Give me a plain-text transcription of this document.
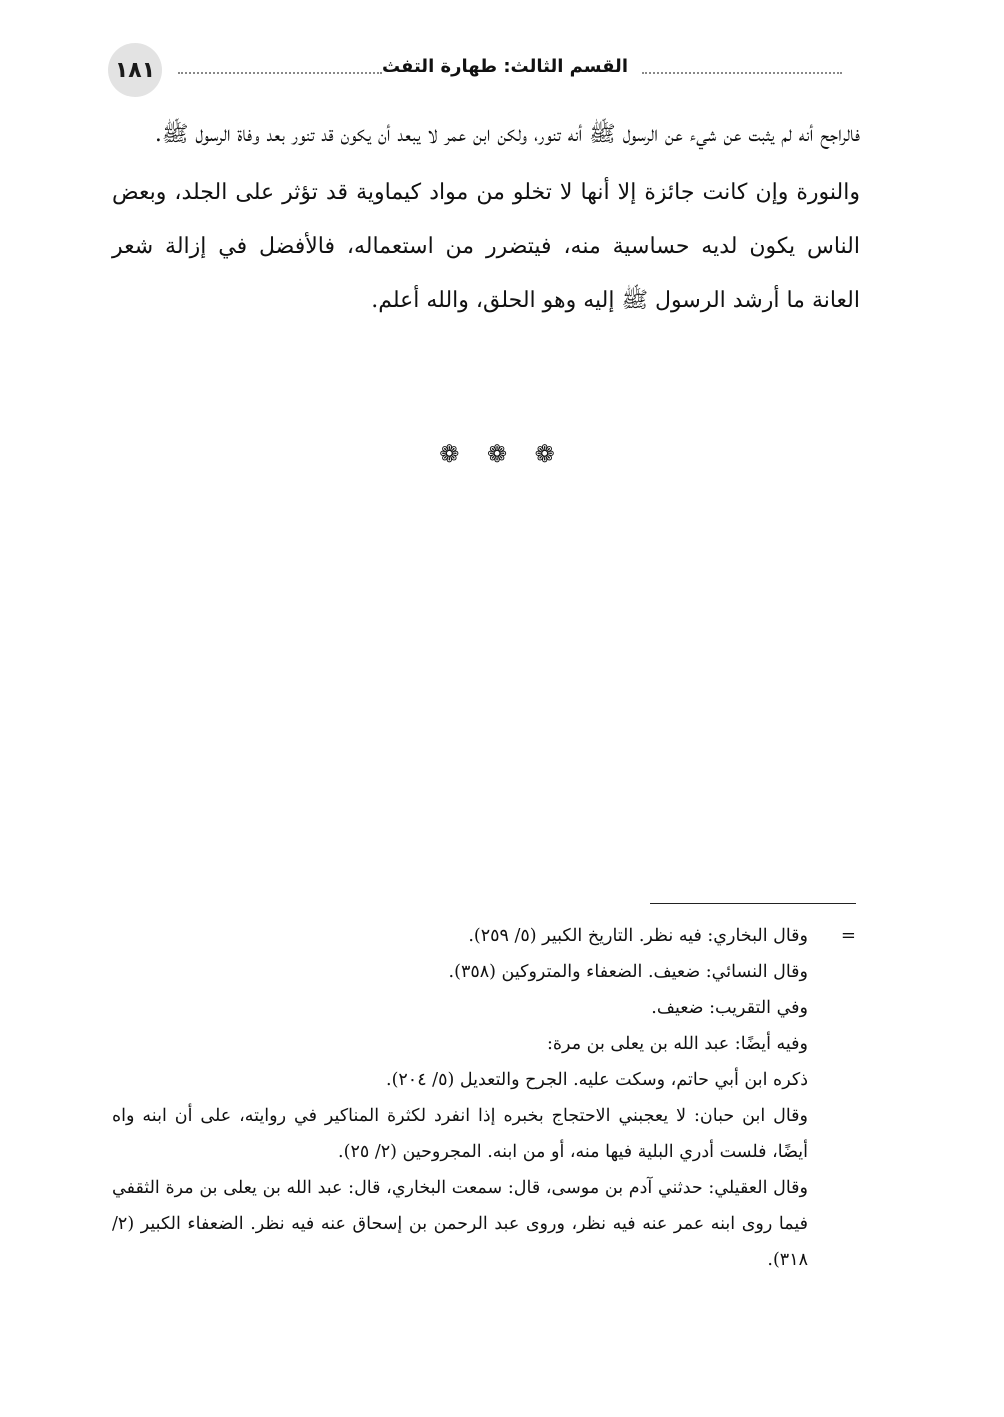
١٨١	القسم الثالث: طهارة التفث

فالراجح أنه لم يثبت عن شيء عن الرسول ﷺ أنه تنور، ولكن ابن عمر لا يبعد أن يكون قد تنور بعد وفاة الرسول ﷺ.

والنورة وإن كانت جائزة إلا أنها لا تخلو من مواد كيماوية قد تؤثر على الجلد، وبعض الناس يكون لديه حساسية منه، فيتضرر من استعماله، فالأفضل في إزالة شعر العانة ما أرشد الرسول ﷺ إليه وهو الحلق، والله أعلم.

❁ ❁ ❁
=

وقال البخاري: فيه نظر. التاريخ الكبير (٥/ ٢٥٩).

وقال النسائي: ضعيف. الضعفاء والمتروكين (٣٥٨).

وفي التقريب: ضعيف.

وفيه أيضًا: عبد الله بن يعلى بن مرة:

ذكره ابن أبي حاتم، وسكت عليه. الجرح والتعديل (٥/ ٢٠٤).

وقال ابن حبان: لا يعجبني الاحتجاج بخبره إذا انفرد لكثرة المناكير في روايته، على أن ابنه واه أيضًا، فلست أدري البلية فيها منه، أو من ابنه. المجروحين (٢/ ٢٥).

وقال العقيلي: حدثني آدم بن موسى، قال: سمعت البخاري، قال: عبد الله بن يعلى بن مرة الثقفي فيما روى ابنه عمر عنه فيه نظر، وروى عبد الرحمن بن إسحاق عنه فيه نظر. الضعفاء الكبير (٢/ ٣١٨).
